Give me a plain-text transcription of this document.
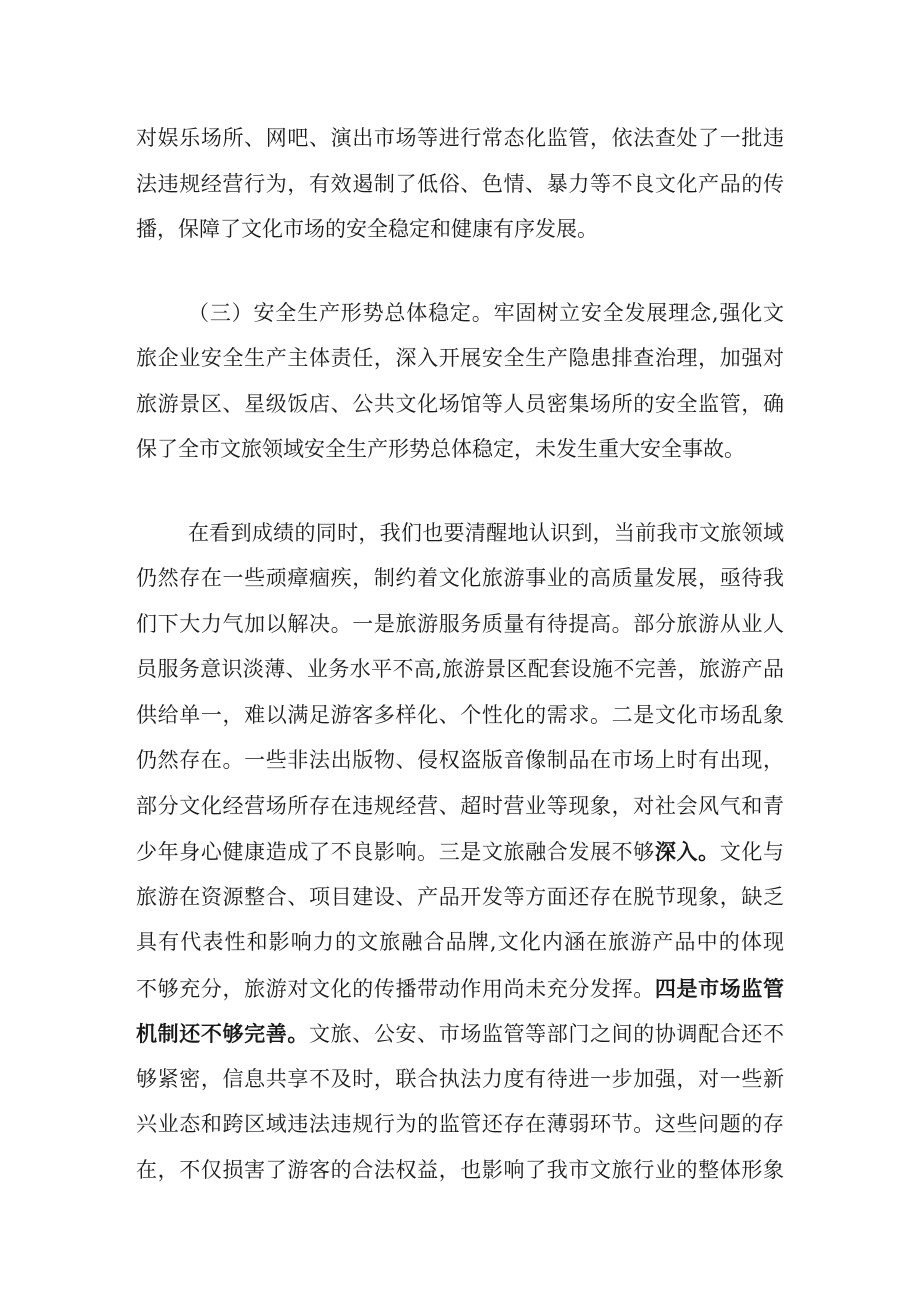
对娱乐场所、网吧、演出市场等进行常态化监管，依法查处了一批违
法违规经营行为，有效遏制了低俗、色情、暴力等不良文化产品的传
播，保障了文化市场的安全稳定和健康有序发展。
（三）安全生产形势总体稳定。牢固树立安全发展理念,强化文
旅企业安全生产主体责任，深入开展安全生产隐患排查治理，加强对
旅游景区、星级饭店、公共文化场馆等人员密集场所的安全监管，确
保了全市文旅领域安全生产形势总体稳定，未发生重大安全事故。
在看到成绩的同时，我们也要清醒地认识到，当前我市文旅领域
仍然存在一些顽瘴痼疾，制约着文化旅游事业的高质量发展，亟待我
们下大力气加以解决。一是旅游服务质量有待提高。部分旅游从业人
员服务意识淡薄、业务水平不高,旅游景区配套设施不完善，旅游产品
供给单一，难以满足游客多样化、个性化的需求。二是文化市场乱象
仍然存在。一些非法出版物、侵权盗版音像制品在市场上时有出现，
部分文化经营场所存在违规经营、超时营业等现象，对社会风气和青
少年身心健康造成了不良影响。三是文旅融合发展不够深入。文化与
旅游在资源整合、项目建设、产品开发等方面还存在脱节现象，缺乏
具有代表性和影响力的文旅融合品牌,文化内涵在旅游产品中的体现
不够充分，旅游对文化的传播带动作用尚未充分发挥。四是市场监管
机制还不够完善。文旅、公安、市场监管等部门之间的协调配合还不
够紧密，信息共享不及时，联合执法力度有待进一步加强，对一些新
兴业态和跨区域违法违规行为的监管还存在薄弱环节。这些问题的存
在，不仅损害了游客的合法权益，也影响了我市文旅行业的整体形象
